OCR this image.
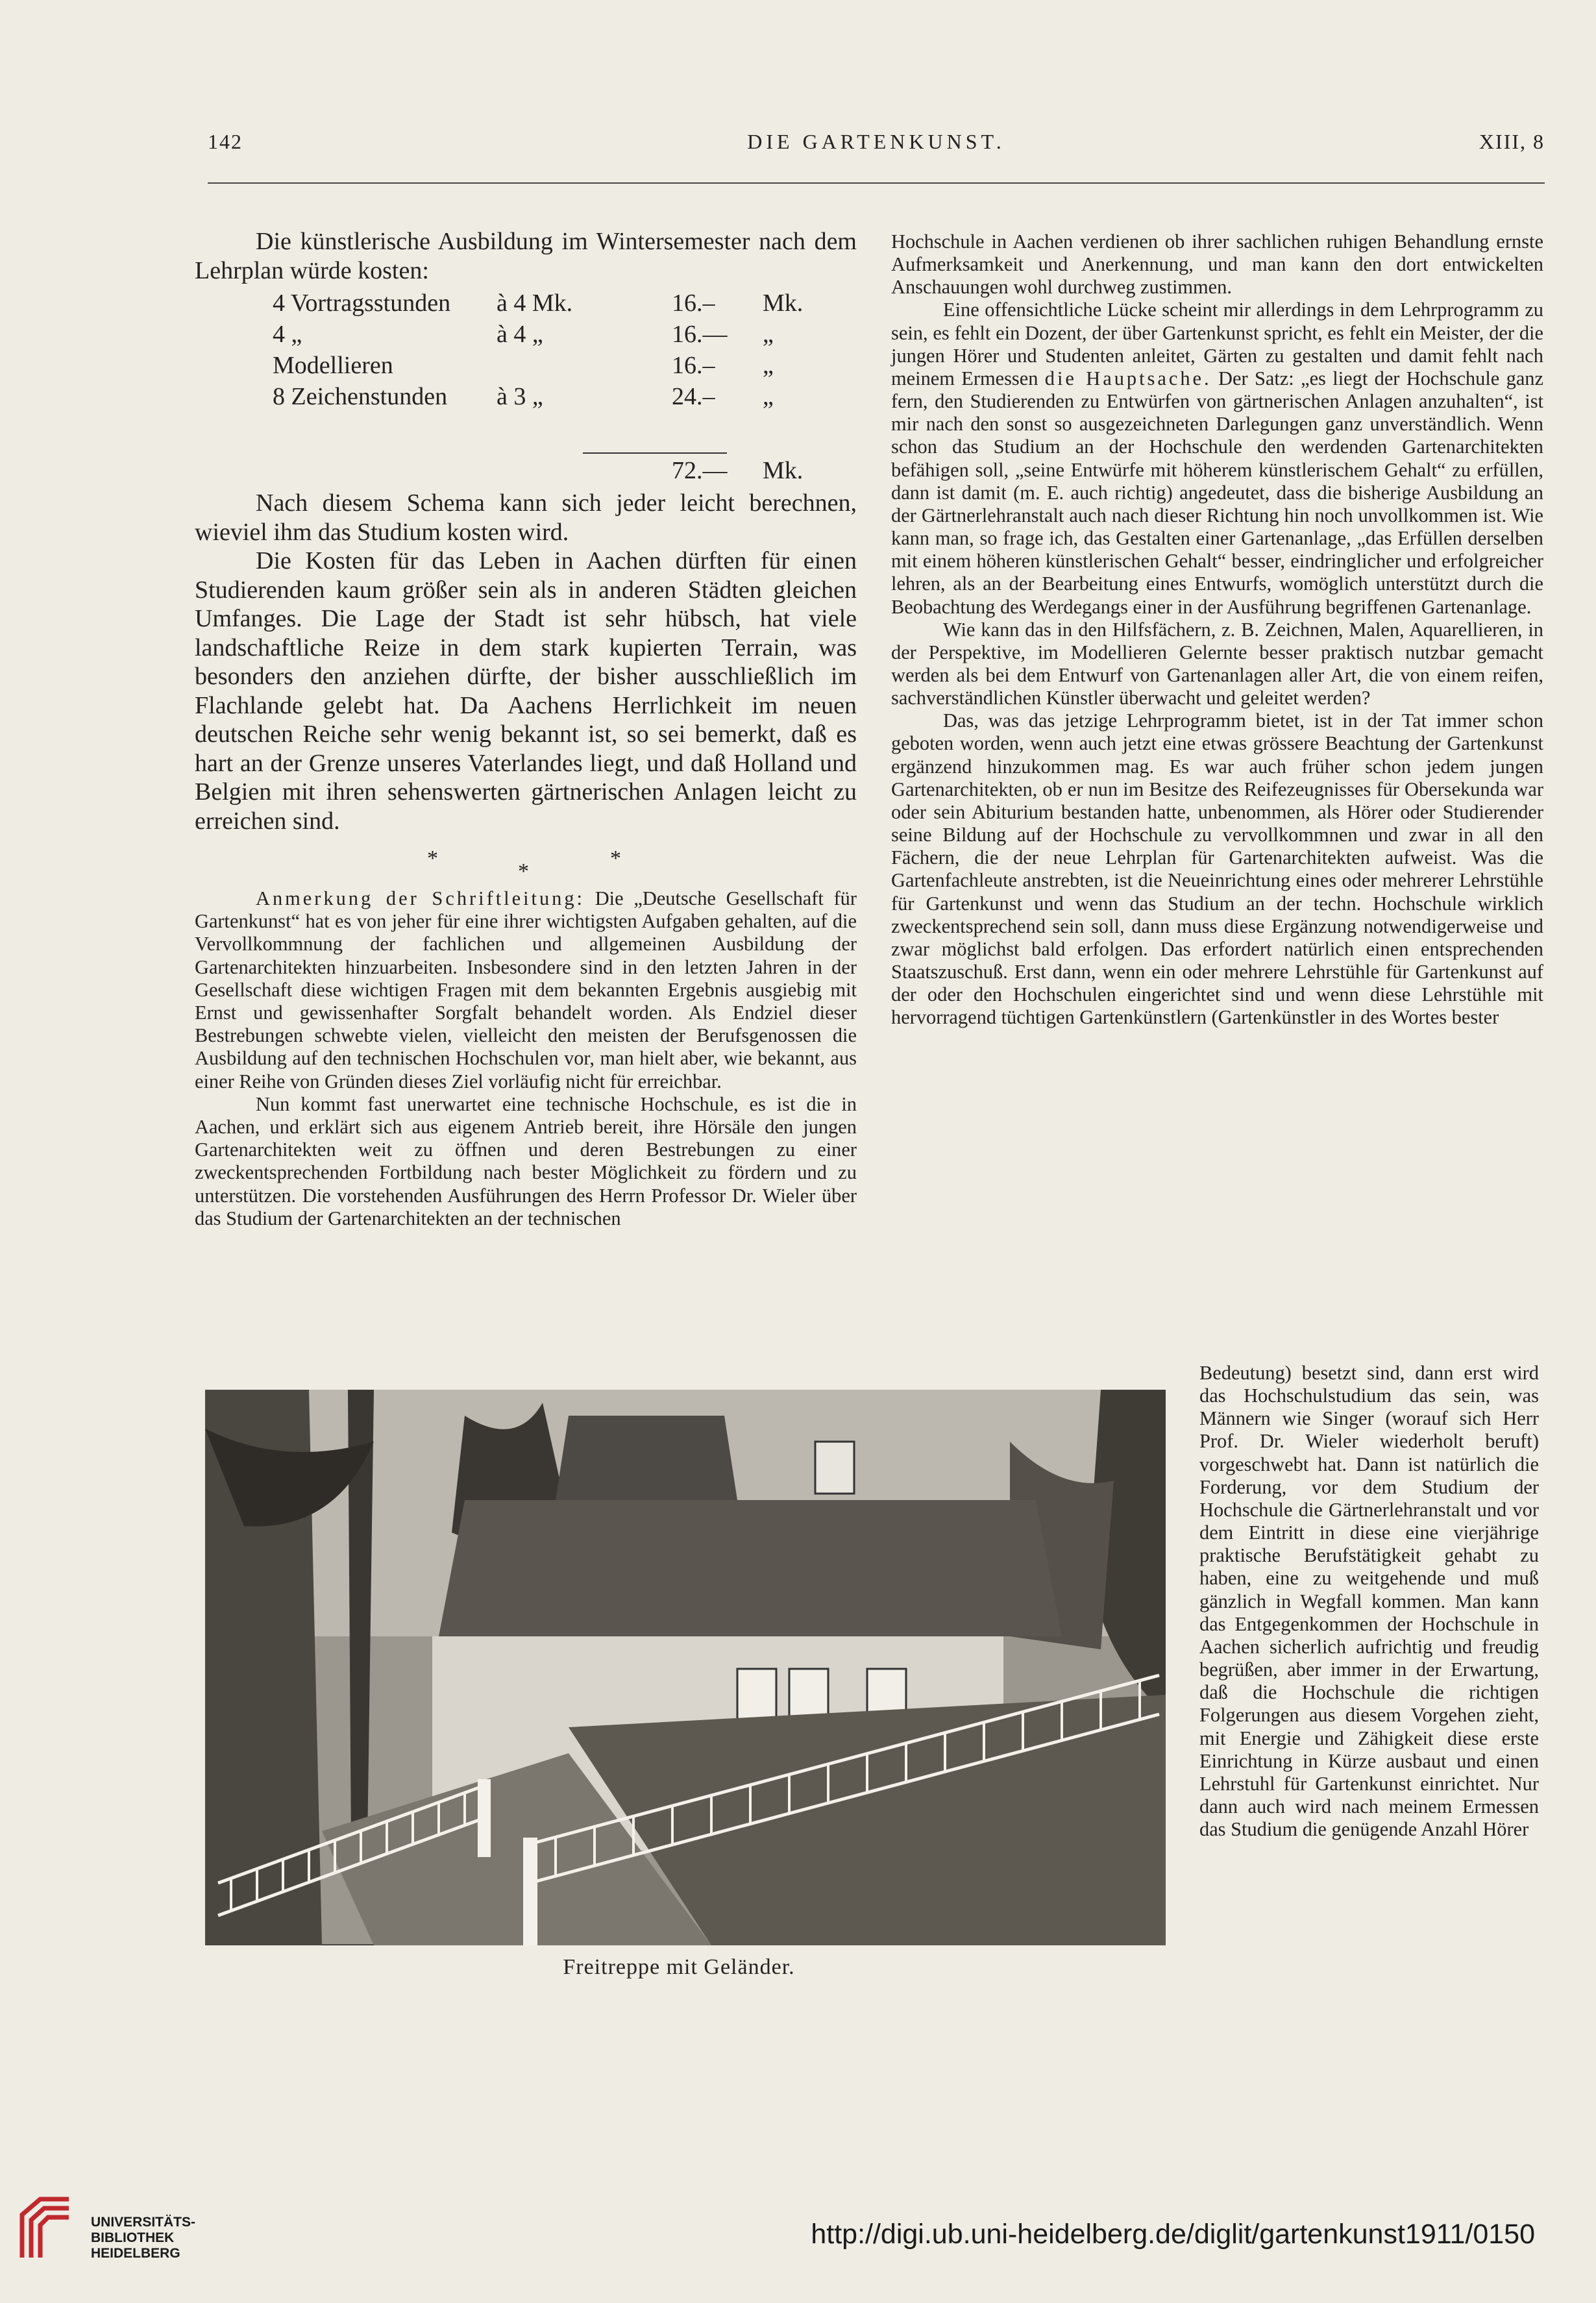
142	DIE GARTENKUNST.	XIII, 8

Die künstlerische Ausbildung im Wintersemester nach dem Lehrplan würde kosten:

4 Vortragsstunden à 4 Mk.	16.– Mk.
4 „	à 4 „	16.— „
Modellieren	16.– „
8 Zeichenstunden à 3 „	24.– „
72.— Mk.

Nach diesem Schema kann sich jeder leicht berechnen, wieviel ihm das Studium kosten wird.

Die Kosten für das Leben in Aachen dürften für einen Studierenden kaum größer sein als in anderen Städten gleichen Umfanges. Die Lage der Stadt ist sehr hübsch, hat viele landschaftliche Reize in dem stark kupierten Terrain, was besonders den anziehen dürfte, der bisher ausschließlich im Flachlande gelebt hat. Da Aachens Herrlichkeit im neuen deutschen Reiche sehr wenig bekannt ist, so sei bemerkt, daß es hart an der Grenze unseres Vaterlandes liegt, und daß Holland und Belgien mit ihren sehenswerten gärtnerischen Anlagen leicht zu erreichen sind.

*
*
*

Anmerkung der Schriftleitung: Die „Deutsche Gesellschaft für Gartenkunst“ hat es von jeher für eine ihrer wichtigsten Aufgaben gehalten, auf die Vervollkommnung der fachlichen und allgemeinen Ausbildung der Gartenarchitekten hinzuarbeiten. Insbesondere sind in den letzten Jahren in der Gesellschaft diese wichtigen Fragen mit dem bekannten Ergebnis ausgiebig mit Ernst und gewissenhafter Sorgfalt behandelt worden. Als Endziel dieser Bestrebungen schwebte vielen, vielleicht den meisten der Berufsgenossen die Ausbildung auf den technischen Hochschulen vor, man hielt aber, wie bekannt, aus einer Reihe von Gründen dieses Ziel vorläufig nicht für erreichbar.

Nun kommt fast unerwartet eine technische Hochschule, es ist die in Aachen, und erklärt sich aus eigenem Antrieb bereit, ihre Hörsäle den jungen Gartenarchitekten weit zu öffnen und deren Bestrebungen zu einer zweckentsprechenden Fortbildung nach bester Möglichkeit zu fördern und zu unterstützen. Die vorstehenden Ausführungen des Herrn Professor Dr. Wieler über das Studium der Gartenarchitekten an der technischen

Hochschule in Aachen verdienen ob ihrer sachlichen ruhigen Behandlung ernste Aufmerksamkeit und Anerkennung, und man kann den dort entwickelten Anschauungen wohl durchweg zustimmen.

Eine offensichtliche Lücke scheint mir allerdings in dem Lehrprogramm zu sein, es fehlt ein Dozent, der über Gartenkunst spricht, es fehlt ein Meister, der die jungen Hörer und Studenten anleitet, Gärten zu gestalten und damit fehlt nach meinem Ermessen die Hauptsache. Der Satz: „es liegt der Hochschule ganz fern, den Studierenden zu Entwürfen von gärtnerischen Anlagen anzuhalten“, ist mir nach den sonst so ausgezeichneten Darlegungen ganz unverständlich. Wenn schon das Studium an der Hochschule den werdenden Gartenarchitekten befähigen soll, „seine Entwürfe mit höherem künstlerischem Gehalt“ zu erfüllen, dann ist damit (m. E. auch richtig) angedeutet, dass die bisherige Ausbildung an der Gärtnerlehranstalt auch nach dieser Richtung hin noch unvollkommen ist. Wie kann man, so frage ich, das Gestalten einer Gartenanlage, „das Erfüllen derselben mit einem höheren künstlerischen Gehalt“ besser, eindringlicher und erfolgreicher lehren, als an der Bearbeitung eines Entwurfs, womöglich unterstützt durch die Beobachtung des Werdegangs einer in der Ausführung begriffenen Gartenanlage.

Wie kann das in den Hilfsfächern, z. B. Zeichnen, Malen, Aquarellieren, in der Perspektive, im Modellieren Gelernte besser praktisch nutzbar gemacht werden als bei dem Entwurf von Gartenanlagen aller Art, die von einem reifen, sachverständlichen Künstler überwacht und geleitet werden?

Das, was das jetzige Lehrprogramm bietet, ist in der Tat immer schon geboten worden, wenn auch jetzt eine etwas grössere Beachtung der Gartenkunst ergänzend hinzukommen mag. Es war auch früher schon jedem jungen Gartenarchitekten, ob er nun im Besitze des Reifezeugnisses für Obersekunda war oder sein Abiturium bestanden hatte, unbenommen, als Hörer oder Studierender seine Bildung auf der Hochschule zu vervollkommnen und zwar in all den Fächern, die der neue Lehrplan für Gartenarchitekten aufweist. Was die Gartenfachleute anstrebten, ist die Neueinrichtung eines oder mehrerer Lehrstühle für Gartenkunst und wenn das Studium an der techn. Hochschule wirklich zweckentsprechend sein soll, dann muss diese Ergänzung notwendigerweise und zwar möglichst bald erfolgen. Das erfordert natürlich einen entsprechenden Staatszuschuß. Erst dann, wenn ein oder mehrere Lehrstühle für Gartenkunst auf der oder den Hochschulen eingerichtet sind und wenn diese Lehrstühle mit hervorragend tüchtigen Gartenkünstlern (Gartenkünstler in des Wortes bester

Bedeutung) besetzt sind, dann erst wird das Hochschulstudium das sein, was Männern wie Singer (worauf sich Herr Prof. Dr. Wieler wiederholt beruft) vorgeschwebt hat. Dann ist natürlich die Forderung, vor dem Studium der Hochschule die Gärtnerlehranstalt und vor dem Eintritt in diese eine vierjährige praktische Berufstätigkeit gehabt zu haben, eine zu weitgehende und muß gänzlich in Wegfall kommen. Man kann das Entgegenkommen der Hochschule in Aachen sicherlich aufrichtig und freudig begrüßen, aber immer in der Erwartung, daß die Hochschule die richtigen Folgerungen aus diesem Vorgehen zieht, mit Energie und Zähigkeit diese erste Einrichtung in Kürze ausbaut und einen Lehrstuhl für Gartenkunst einrichtet. Nur dann auch wird nach meinem Ermessen das Studium die genügende Anzahl Hörer

Freitreppe mit Geländer.
UNIVERSITÄTS-
BIBLIOTHEK
HEIDELBERG
http://digi.ub.uni-heidelberg.de/diglit/gartenkunst1911/0150
